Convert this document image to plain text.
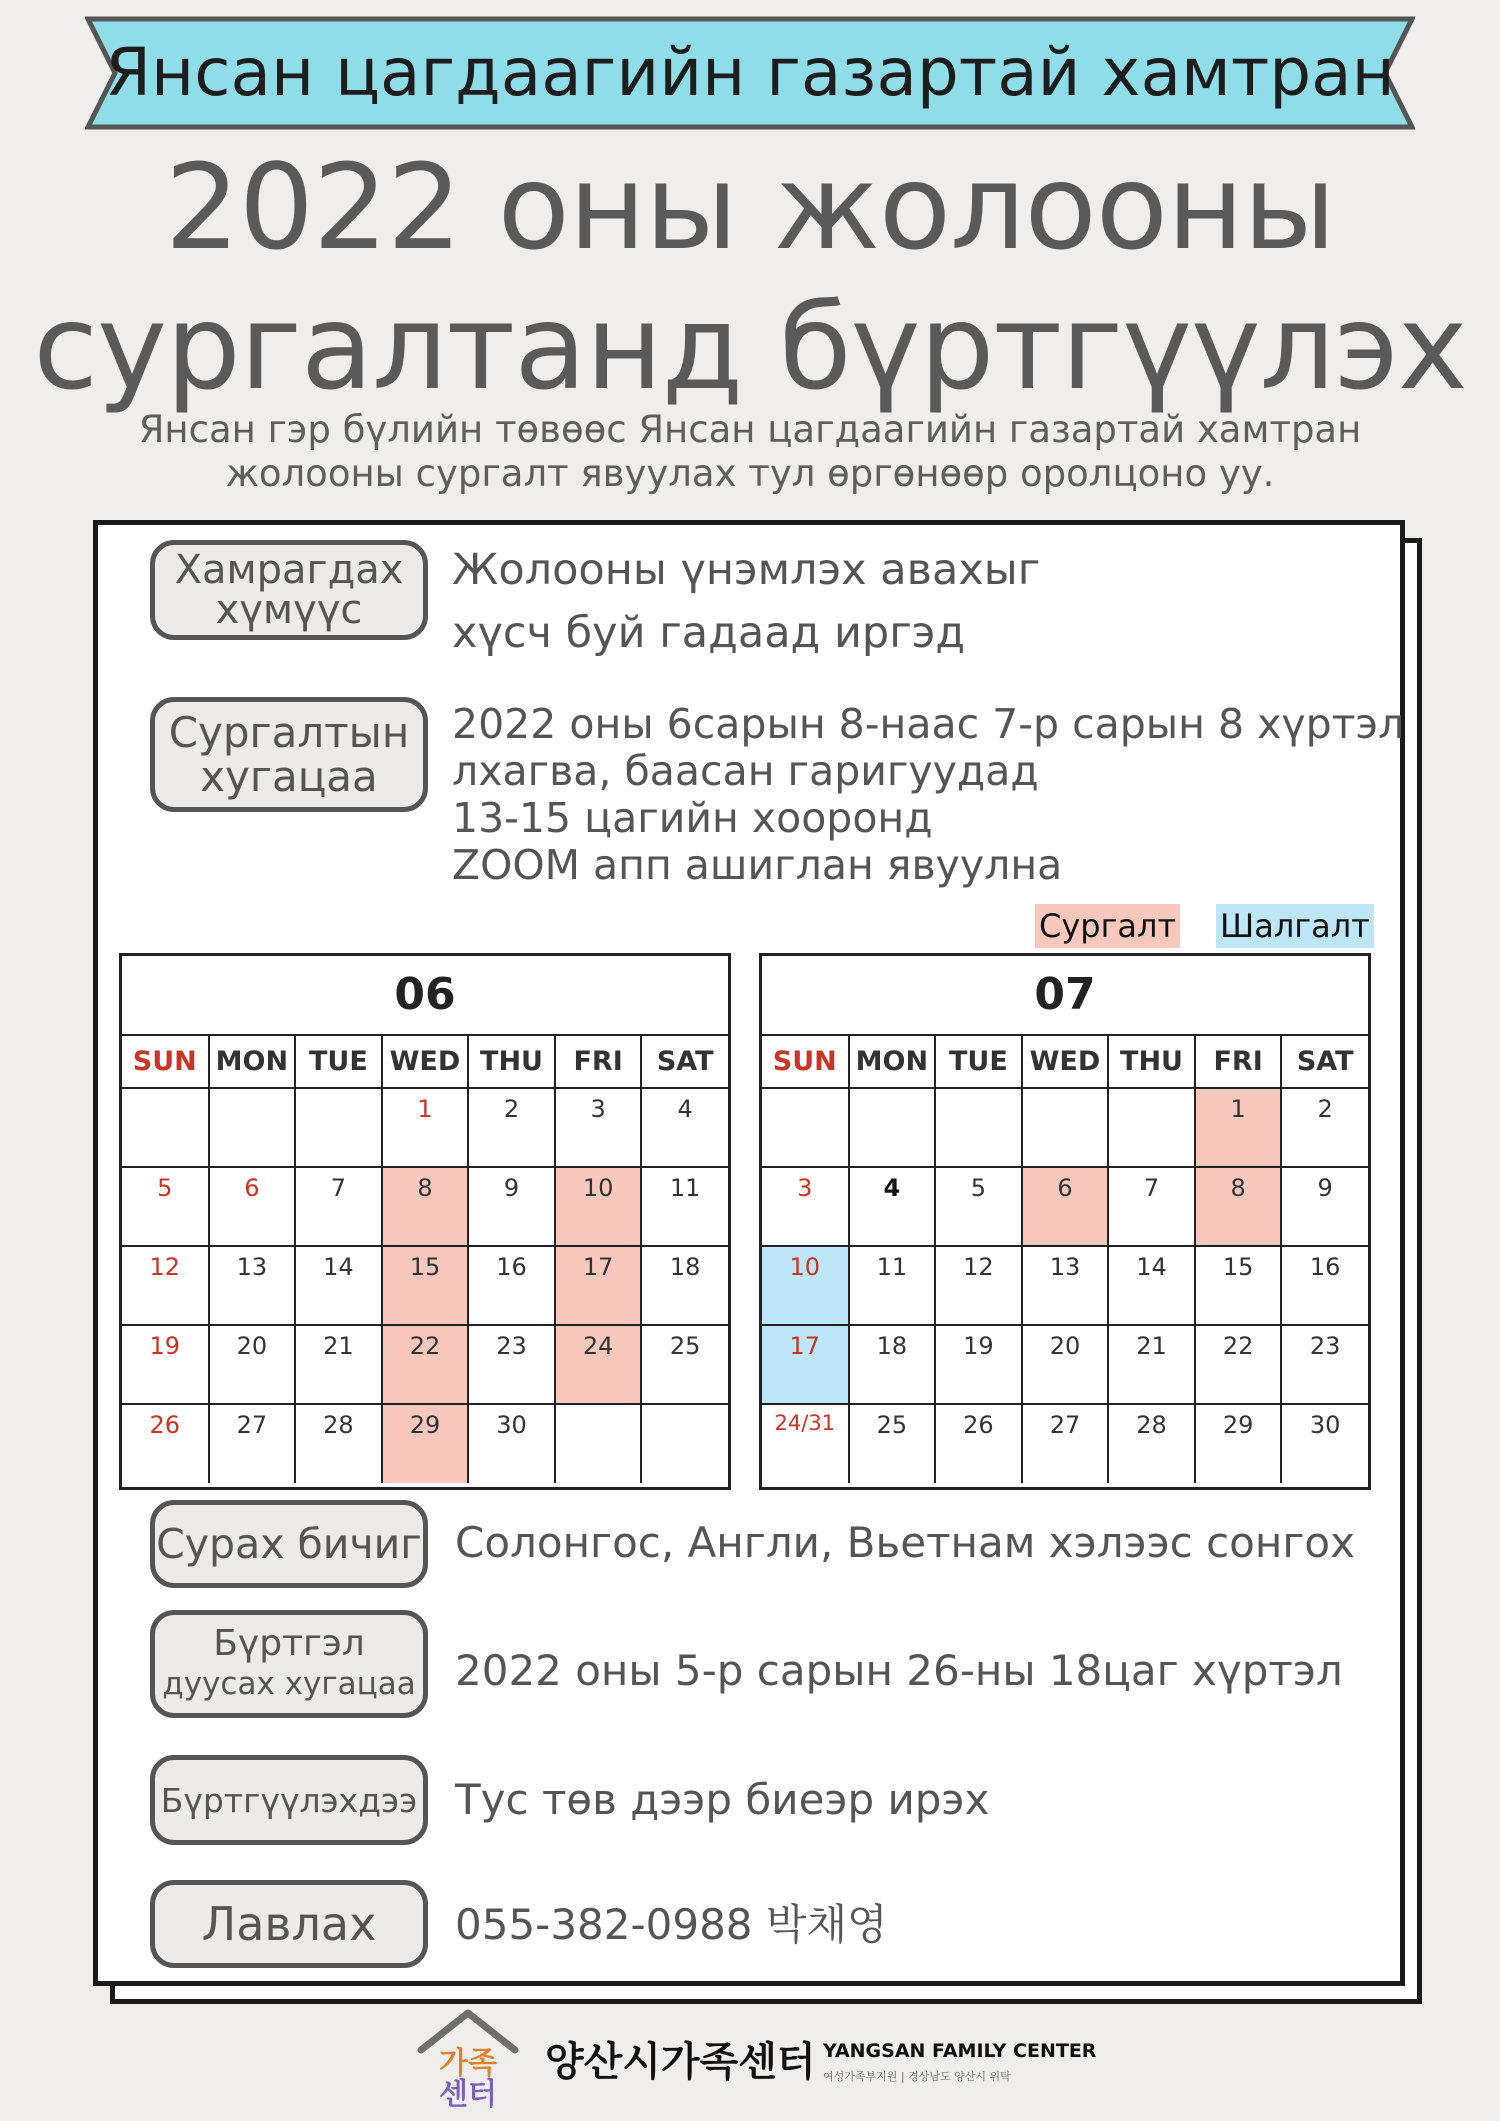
Янсан цагдаагийн газартай хамтран
2022 оны жолооны
сургалтанд бүртгүүлэх
Янсан гэр бүлийн төвөөс Янсан цагдаагийн газартай хамтран
жолооны сургалт явуулах тул өргөнөөр оролцоно уу.
Хамрагдах
хүмүүс
Жолооны үнэмлэх авахыг
хүсч буй гадаад иргэд
Сургалтын
хугацаа
2022 оны 6сарын 8-наас 7-р сарын 8 хүртэл
лхагва, баасан гаригуудад
13-15 цагийн хооронд
ZOOM апп ашиглан явуулна
Сургалт Шалгалт
06
SUN	MON	TUE	WED	THU	FRI	SAT
			1	2	3	4
5	6	7	8	9	10	11
12	13	14	15	16	17	18
19	20	21	22	23	24	25
26	27	28	29	30		
07
SUN	MON	TUE	WED	THU	FRI	SAT
					1	2
3	4	5	6	7	8	9
10	11	12	13	14	15	16
17	18	19	20	21	22	23
24/31	25	26	27	28	29	30
Сурах бичиг Солонгос, Англи, Вьетнам хэлээс сонгох
Бүртгэл
дуусах хугацаа 2022 оны 5-р сарын 26-ны 18цаг хүртэл
Бүртгүүлэхдээ Тус төв дээр биеэр ирэх
Лавлах 055-382-0988 박채영
가족
센터
양산시가족센터 YANGSAN FAMILY CENTER
여성가족부지원 | 경상남도 양산시 위탁
